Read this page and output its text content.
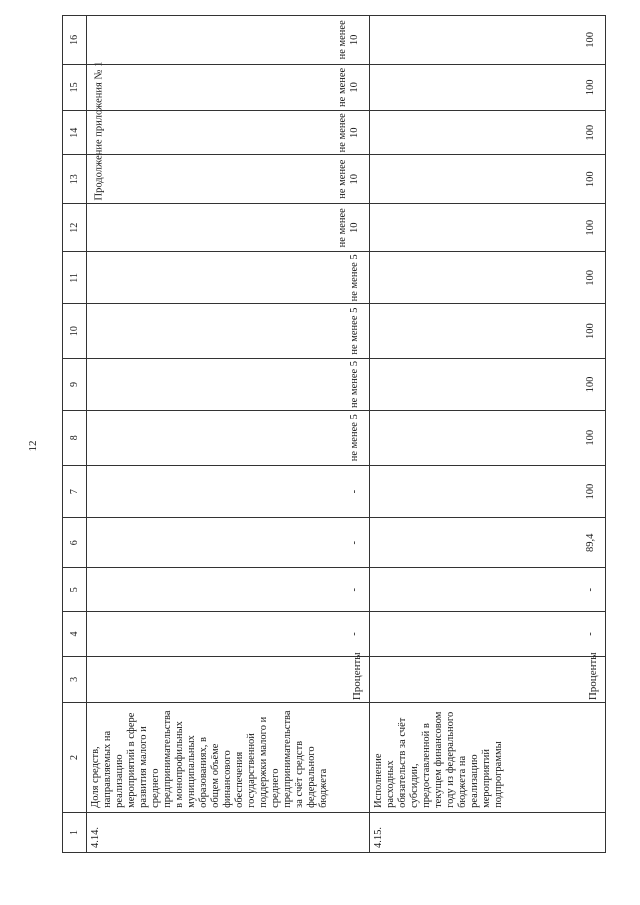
12
Продолжение приложения № 1
1	2	3	4	5	6	7	8	9	10	11	12	13	14	15	16
4.14.	Доля средств, направляемых на реализацию мероприятий в сфере развития малого и среднего предпринимательства в монопрофильных муниципальных образованиях, в общем объёме финансового обеспечения государственной поддержки малого и среднего предпринимательства за счёт средств федерального бюджета	Проценты	-	-	-	-	не менее 5	не менее 5	не менее 5	не менее 5	не менее 10	не менее 10	не менее 10	не менее 10	не менее 10
4.15.	Исполнение расходных обязательств за счёт субсидии, предоставленной в текущем финансовом году из федерального бюджета на реализацию мероприятий подпрограммы	Проценты	-	-	89,4	100	100	100	100	100	100	100	100	100	100
